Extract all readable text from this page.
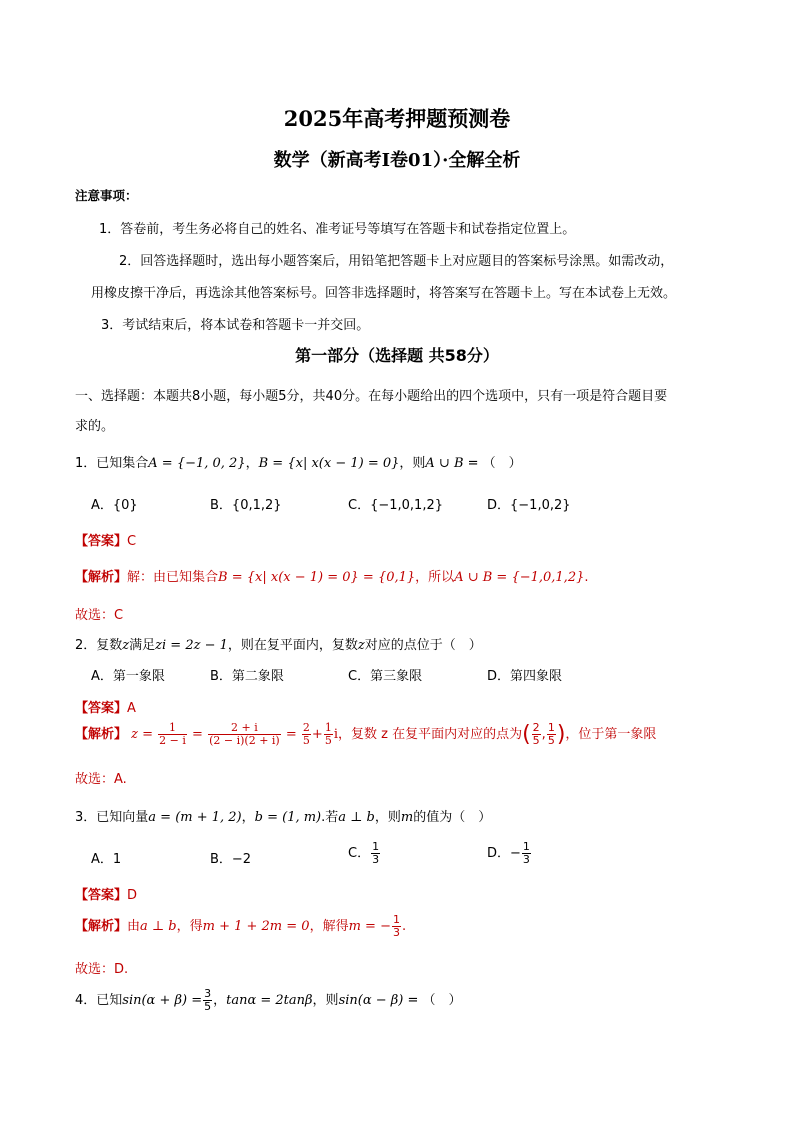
2025年高考押题预测卷
数学（新高考Ⅰ卷01）·全解全析
注意事项：
1．答卷前，考生务必将自己的姓名、准考证号等填写在答题卡和试卷指定位置上。
2．回答选择题时，选出每小题答案后，用铅笔把答题卡上对应题目的答案标号涂黑。如需改动，
用橡皮擦干净后，再选涂其他答案标号。回答非选择题时，将答案写在答题卡上。写在本试卷上无效。
3．考试结束后，将本试卷和答题卡一并交回。
第一部分（选择题 共58分）
一、选择题：本题共8小题，每小题5分，共40分。在每小题给出的四个选项中，只有一项是符合题目要
求的。
1．已知集合A = {−1, 0, 2}，B = {x| x(x − 1) = 0}，则A ∪ B = （　）
A．{0}	B．{0,1,2}	C．{−1,0,1,2}	D．{−1,0,2}
【答案】C
【解析】解：由已知集合B = {x| x(x − 1) = 0} = {0,1}，所以A ∪ B = {−1,0,1,2}.
故选：C
2．复数z满足zi = 2z − 1，则在复平面内，复数z对应的点位于（　）
A．第一象限	B．第二象限	C．第三象限	D．第四象限
【答案】A
【解析】 $z = \frac{1}{2 - i} = \frac{2 + i}{(2 - i)(2 + i)} = \frac{2}{5} + \frac{1}{5}$ i，复数 z 在复平面内对应的点为( $\frac{2}{5}$ , $\frac{1}{5}$ )，位于第一象限
故选：A.
3．已知向量a = (m + 1, 2)，b = (1, m).若a ⊥ b，则m的值为（　）
A．1	B．−2	C． $\frac{1}{3}$	D．− $\frac{1}{3}$
【答案】D
【解析】由a ⊥ b，得m + 1 + 2m = 0，解得m = − $\frac{1}{3}$ .
故选：D.
4．已知$\sin(\alpha + \beta) = \frac{3}{5}$ ，tanα = 2tanβ，则sin(α − β) = （　）
